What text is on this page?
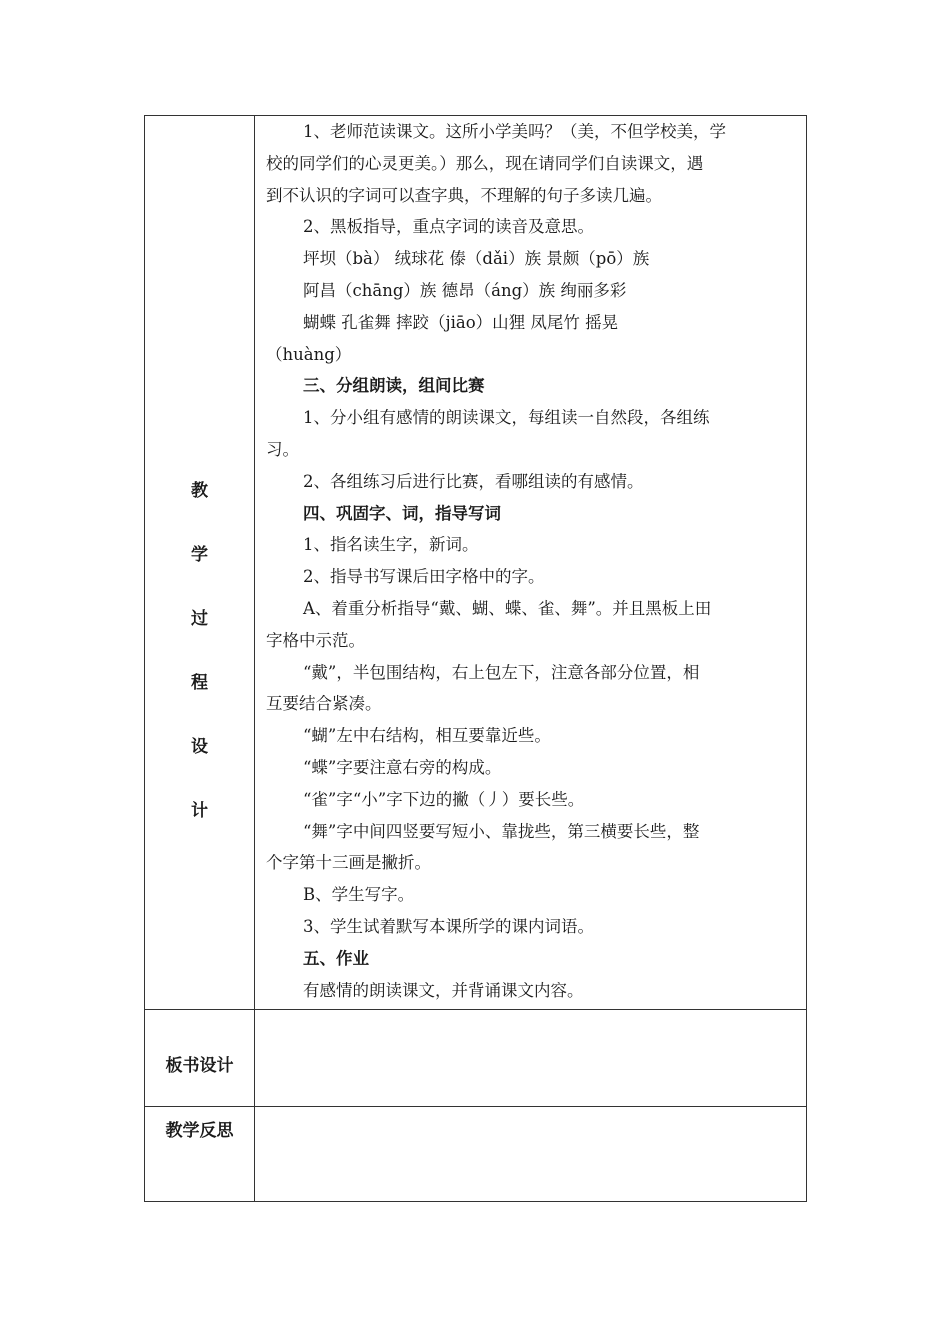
教
学
过
程
设
计
板书设计
教学反思
1、老师范读课文。这所小学美吗？（美，不但学校美，学
校的同学们的心灵更美。）那么，现在请同学们自读课文，遇
到不认识的字词可以查字典，不理解的句子多读几遍。
2、黑板指导，重点字词的读音及意思。
坪坝（bà） 绒球花 傣（dǎi）族 景颇（pō）族
阿昌（chāng）族 德昂（áng）族 绚丽多彩
蝴蝶 孔雀舞 摔跤（jiāo）山狸 凤尾竹 摇晃
（huàng）
三、分组朗读，组间比赛
1、分小组有感情的朗读课文，每组读一自然段，各组练
习。
2、各组练习后进行比赛，看哪组读的有感情。
四、巩固字、词，指导写词
1、指名读生字，新词。
2、指导书写课后田字格中的字。
A、着重分析指导“戴、蝴、蝶、雀、舞”。并且黑板上田
字格中示范。
“戴”，半包围结构，右上包左下，注意各部分位置，相
互要结合紧凑。
“蝴”左中右结构，相互要靠近些。
“蝶”字要注意右旁的构成。
“雀”字“小”字下边的撇（丿）要长些。
“舞”字中间四竖要写短小、靠拢些，第三横要长些，整
个字第十三画是撇折。
B、学生写字。
3、学生试着默写本课所学的课内词语。
五、作业
有感情的朗读课文，并背诵课文内容。
